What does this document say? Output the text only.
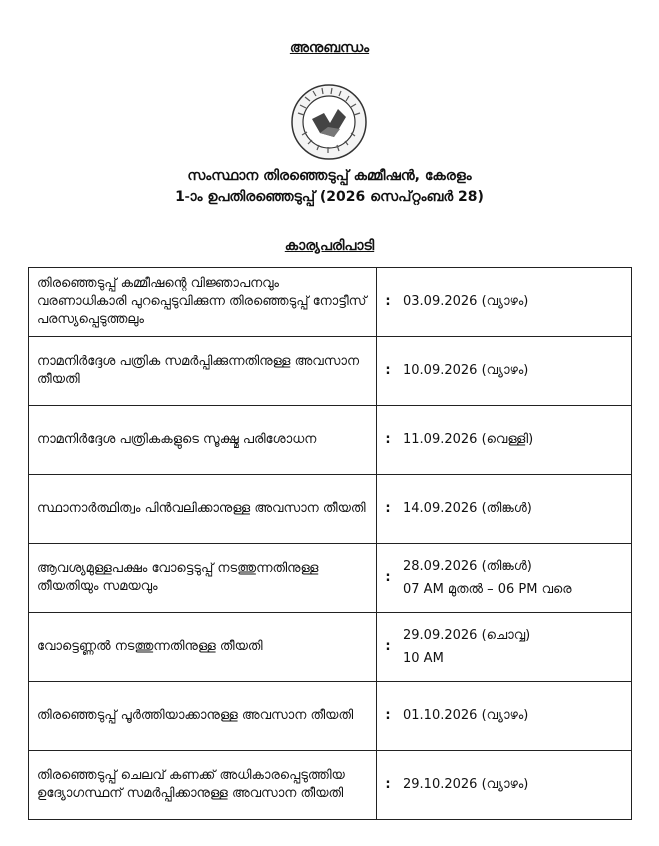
അനുബന്ധം
സംസ്ഥാന തിരഞ്ഞെടുപ്പ് കമ്മീഷൻ, കേരളം
1-ാം ഉപതിരഞ്ഞെടുപ്പ് (2026 സെപ്റ്റംബർ 28)
കാര്യപരിപാടി
തിരഞ്ഞെടുപ്പ് കമ്മീഷന്റെ വിജ്ഞാപനവും വരണാധികാരി പുറപ്പെടുവിക്കുന്ന തിരഞ്ഞെടുപ്പ് നോട്ടീസ് പരസ്യപ്പെടുത്തലും	:	03.09.2026 (വ്യാഴം)

നാമനിർദ്ദേശ പത്രിക സമർപ്പിക്കുന്നതിനുള്ള അവസാന തീയതി	:	10.09.2026 (വ്യാഴം)

നാമനിർദ്ദേശ പത്രികകളുടെ സൂക്ഷ്മ പരിശോധന	:	11.09.2026 (വെള്ളി)

സ്ഥാനാർത്ഥിത്വം പിൻവലിക്കാനുള്ള അവസാന തീയതി	:	14.09.2026 (തിങ്കൾ)

ആവശ്യമുള്ളപക്ഷം വോട്ടെടുപ്പ് നടത്തുന്നതിനുള്ള തീയതിയും സമയവും	:	28.09.2026 (തിങ്കൾ)
07 AM മുതൽ – 06 PM വരെ

വോട്ടെണ്ണൽ നടത്തുന്നതിനുള്ള തീയതി	:	29.09.2026 (ചൊവ്വ)
10 AM

തിരഞ്ഞെടുപ്പ് പൂർത്തിയാക്കാനുള്ള അവസാന തീയതി	:	01.10.2026 (വ്യാഴം)

തിരഞ്ഞെടുപ്പ് ചെലവ് കണക്ക് അധികാരപ്പെടുത്തിയ ഉദ്യോഗസ്ഥന് സമർപ്പിക്കാനുള്ള അവസാന തീയതി	:	29.10.2026 (വ്യാഴം)
